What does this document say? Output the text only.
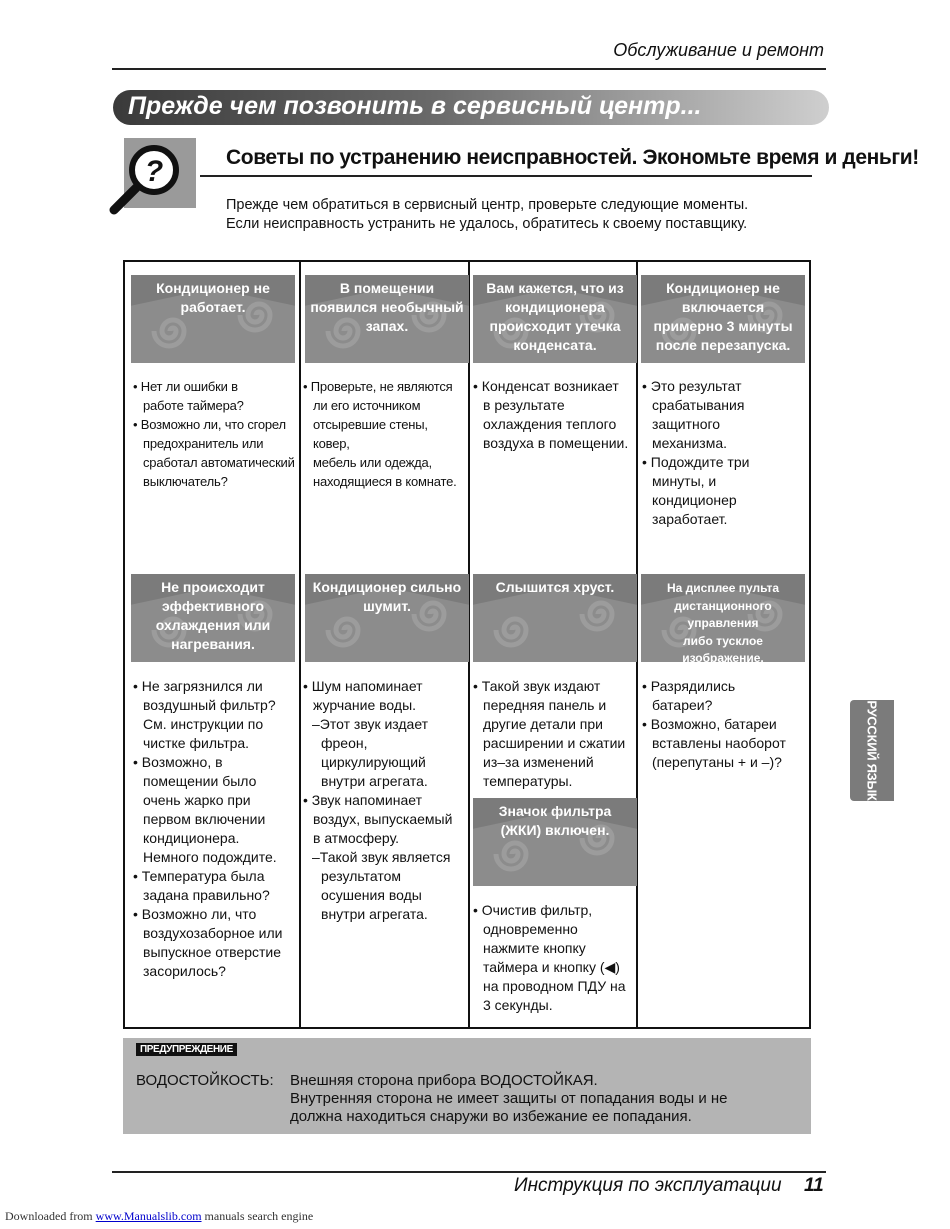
Обслуживание и ремонт
Прежде чем позвонить в сервисный центр...
?	Советы по устранению неисправностей. Экономьте время и деньги!
Прежде чем обратиться в сервисный центр, проверьте следующие моменты.
Если неисправность устранить не удалось, обратитесь к своему поставщику.
Кондиционер не
работает.
• Нет ли ошибки в
работе таймера?
• Возможно ли, что сгорел
предохранитель или
сработал автоматический
выключатель?
В помещении
появился необычный
запах.
• Проверьте, не являются
ли его источником
отсыревшие стены, ковер,
мебель или одежда,
находящиеся в комнате.
Вам кажется, что из
кондиционера
происходит утечка
конденсата.
• Конденсат возникает
в результате
охлаждения теплого
воздуха в помещении.
Кондиционер не
включается
примерно 3 минуты
после перезапуска.
• Это результат
срабатывания
защитного
механизма.
• Подождите три
минуты, и
кондиционер
заработает.
Не происходит
эффективного
охлаждения или
нагревания.
• Не загрязнился ли
воздушный фильтр?
См. инструкции по
чистке фильтра.
• Возможно, в
помещении было
очень жарко при
первом включении
кондиционера.
Немного подождите.
• Температура была
задана правильно?
• Возможно ли, что
воздухозаборное или
выпускное отверстие
засорилось?
Кондиционер сильно
шумит.
• Шум напоминает
журчание воды.
–Этот звук издает
фреон,
циркулирующий
внутри агрегата.
• Звук напоминает
воздух, выпускаемый
в атмосферу.
–Такой звук является
результатом
осушения воды
внутри агрегата.
Слышится хруст.
• Такой звук издают
передняя панель и
другие детали при
расширении и сжатии
из–за изменений
температуры.
На дисплее пульта
дистанционного управления
либо тусклое изображение,
либо вообще ничего нет.
• Разрядились
батареи?
• Возможно, батареи
вставлены наоборот
(перепутаны + и –)?
Значок фильтра
(ЖКИ) включен.
• Очистив фильтр,
одновременно
нажмите кнопку
таймера и кнопку (◀)
на проводном ПДУ на
3 секунды.
ПРЕДУПРЕЖДЕНИЕ
ВОДОСТОЙКОСТЬ: Внешняя сторона прибора ВОДОСТОЙКАЯ.
Внутренняя сторона не имеет защиты от попадания воды и не
должна находиться снаружи во избежание ее попадания.
РУССКИЙ ЯЗЫК
Инструкция по эксплуатации 11
Downloaded from www.Manualslib.com manuals search engine
